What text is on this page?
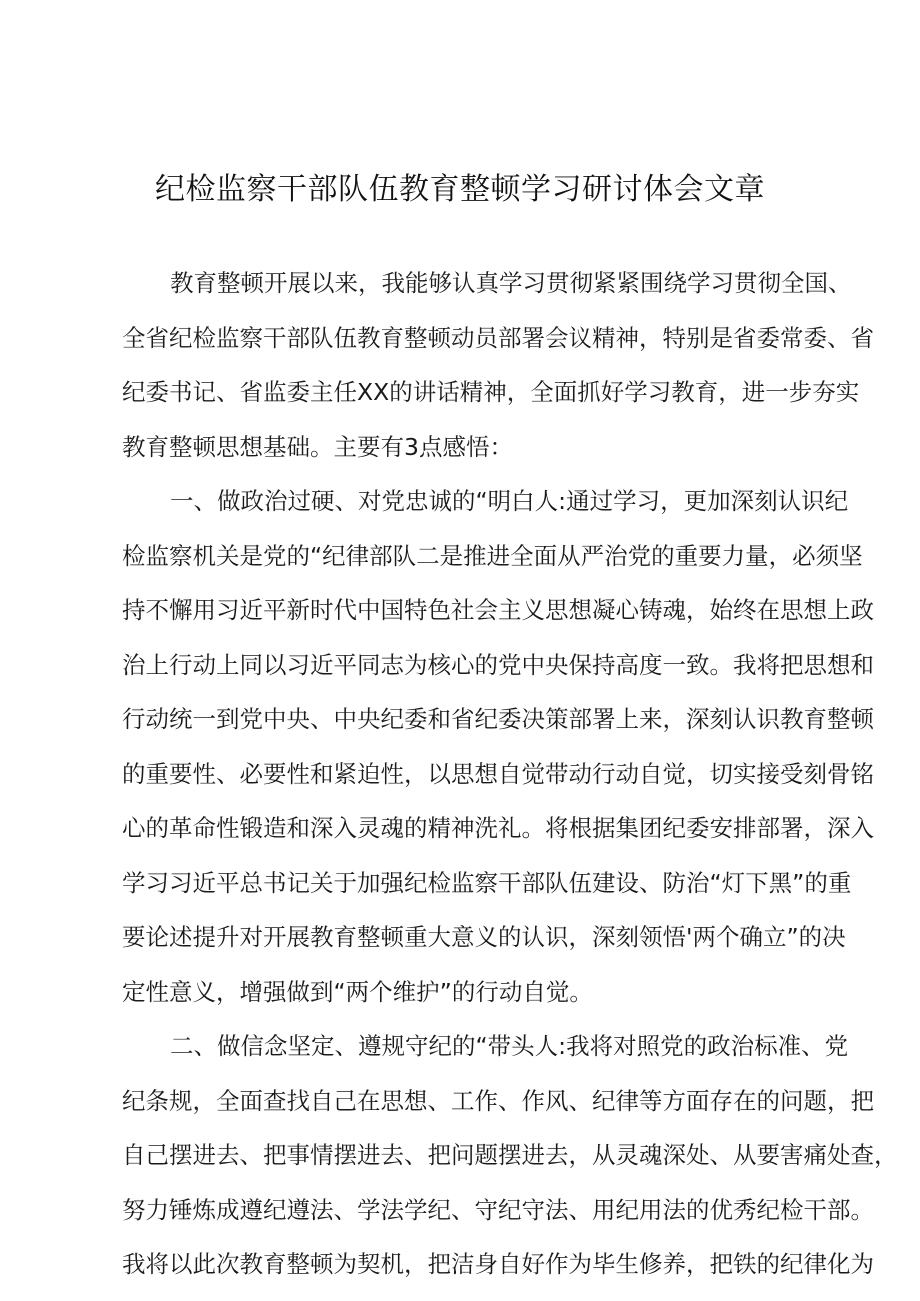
纪检监察干部队伍教育整顿学习研讨体会文章
教育整顿开展以来，我能够认真学习贯彻紧紧围绕学习贯彻全国、
全省纪检监察干部队伍教育整顿动员部署会议精神，特别是省委常委、省
纪委书记、省监委主任XX的讲话精神，全面抓好学习教育，进一步夯实
教育整顿思想基础。主要有3点感悟：
一、做政治过硬、对党忠诚的“明白人:通过学习，更加深刻认识纪
检监察机关是党的“纪律部队二是推进全面从严治党的重要力量，必须坚
持不懈用习近平新时代中国特色社会主义思想凝心铸魂，始终在思想上政
治上行动上同以习近平同志为核心的党中央保持高度一致。我将把思想和
行动统一到党中央、中央纪委和省纪委决策部署上来，深刻认识教育整顿
的重要性、必要性和紧迫性，以思想自觉带动行动自觉，切实接受刻骨铭
心的革命性锻造和深入灵魂的精神洗礼。将根据集团纪委安排部署，深入
学习习近平总书记关于加强纪检监察干部队伍建设、防治“灯下黑”的重
要论述提升对开展教育整顿重大意义的认识，深刻领悟'两个确立”的决
定性意义，增强做到“两个维护”的行动自觉。
二、做信念坚定、遵规守纪的“带头人:我将对照党的政治标准、党
纪条规，全面查找自己在思想、工作、作风、纪律等方面存在的问题，把
自己摆进去、把事情摆进去、把问题摆进去，从灵魂深处、从要害痛处查，
努力锤炼成遵纪遵法、学法学纪、守纪守法、用纪用法的优秀纪检干部。
我将以此次教育整顿为契机，把洁身自好作为毕生修养，把铁的纪律化为
